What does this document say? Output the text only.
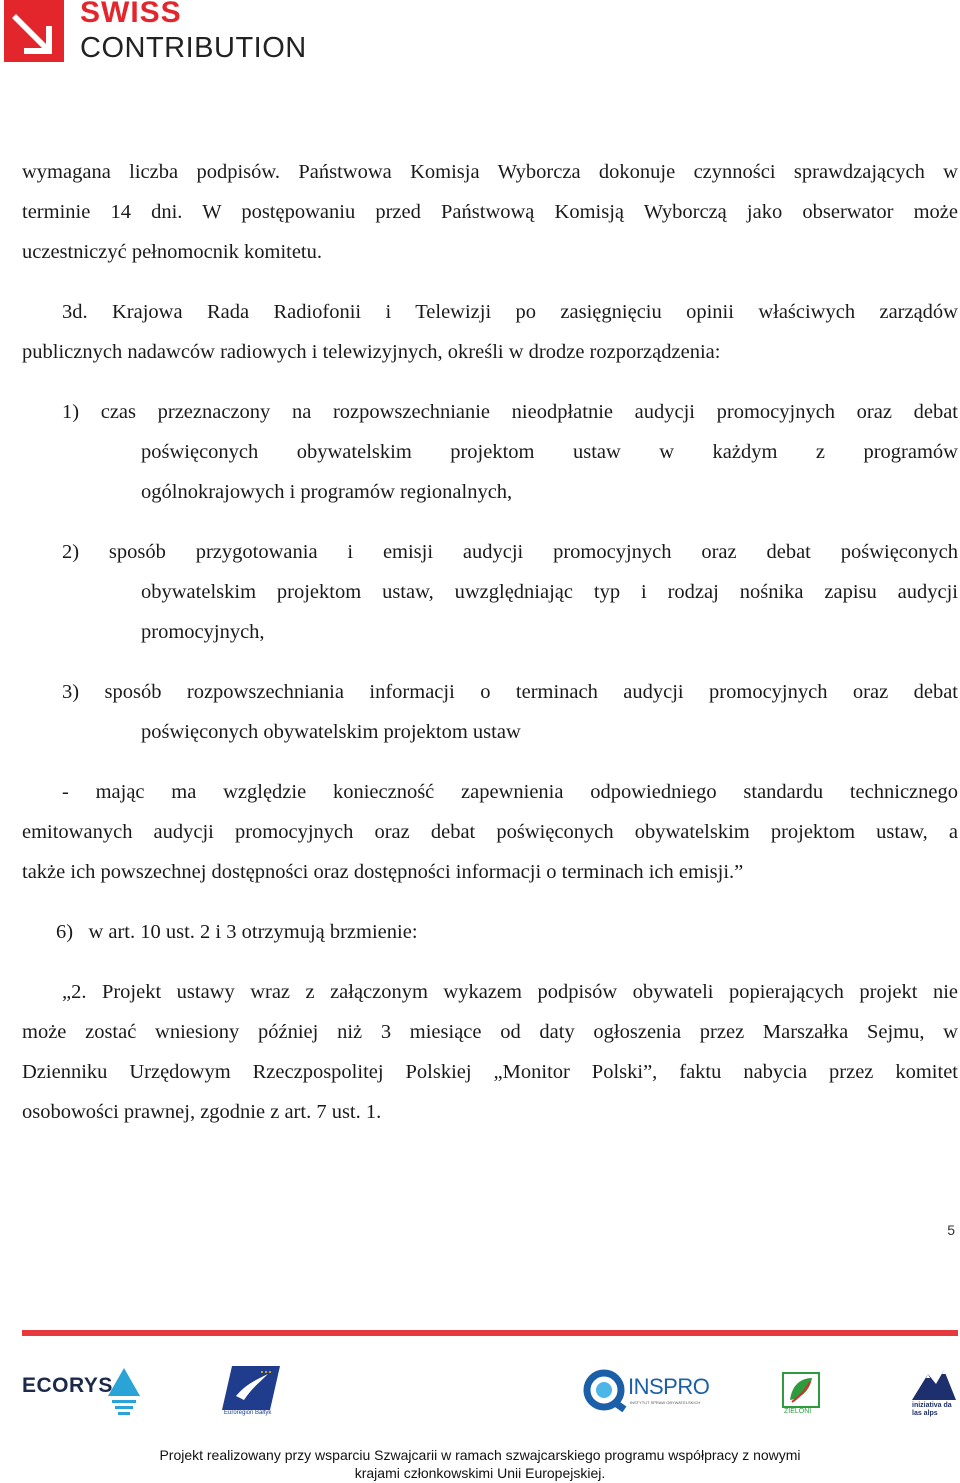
SWISS
CONTRIBUTION
wymagana liczba podpisów. Państwowa Komisja Wyborcza dokonuje czynności sprawdzających w
terminie 14 dni. W postępowaniu przed Państwową Komisją Wyborczą jako obserwator może
uczestniczyć pełnomocnik komitetu.
3d. Krajowa Rada Radiofonii i Telewizji po zasięgnięciu opinii właściwych zarządów
publicznych nadawców radiowych i telewizyjnych, określi w drodze rozporządzenia:
1) czas przeznaczony na rozpowszechnianie nieodpłatnie audycji promocyjnych oraz debat
poświęconych obywatelskim projektom ustaw w każdym z programów
ogólnokrajowych i programów regionalnych,
2) sposób przygotowania i emisji audycji promocyjnych oraz debat poświęconych
obywatelskim projektom ustaw, uwzględniając typ i rodzaj nośnika zapisu audycji
promocyjnych,
3) sposób rozpowszechniania informacji o terminach audycji promocyjnych oraz debat
poświęconych obywatelskim projektom ustaw
- mając ma względzie konieczność zapewnienia odpowiedniego standardu technicznego
emitowanych audycji promocyjnych oraz debat poświęconych obywatelskim projektom ustaw, a
także ich powszechnej dostępności oraz dostępności informacji o terminach ich emisji.”
6)   w art. 10 ust. 2 i 3 otrzymują brzmienie:
„2. Projekt ustawy wraz z załączonym wykazem podpisów obywateli popierających projekt nie
może zostać wniesiony później niż 3 miesiące od daty ogłoszenia przez Marszałka Sejmu, w
Dzienniku Urzędowym Rzeczpospolitej Polskiej „Monitor Polski”, faktu nabycia przez komitet
osobowości prawnej, zgodnie z art. 7 ust. 1.
5
ECORYS
Euroregion Bałtyk
INSPRO
INSTYTUT SPRAW OBYWATELSKICH
ZIELONI
iniziativa da las alps
Projekt realizowany przy wsparciu Szwajcarii w ramach szwajcarskiego programu współpracy z nowymi
krajami członkowskimi Unii Europejskiej.
